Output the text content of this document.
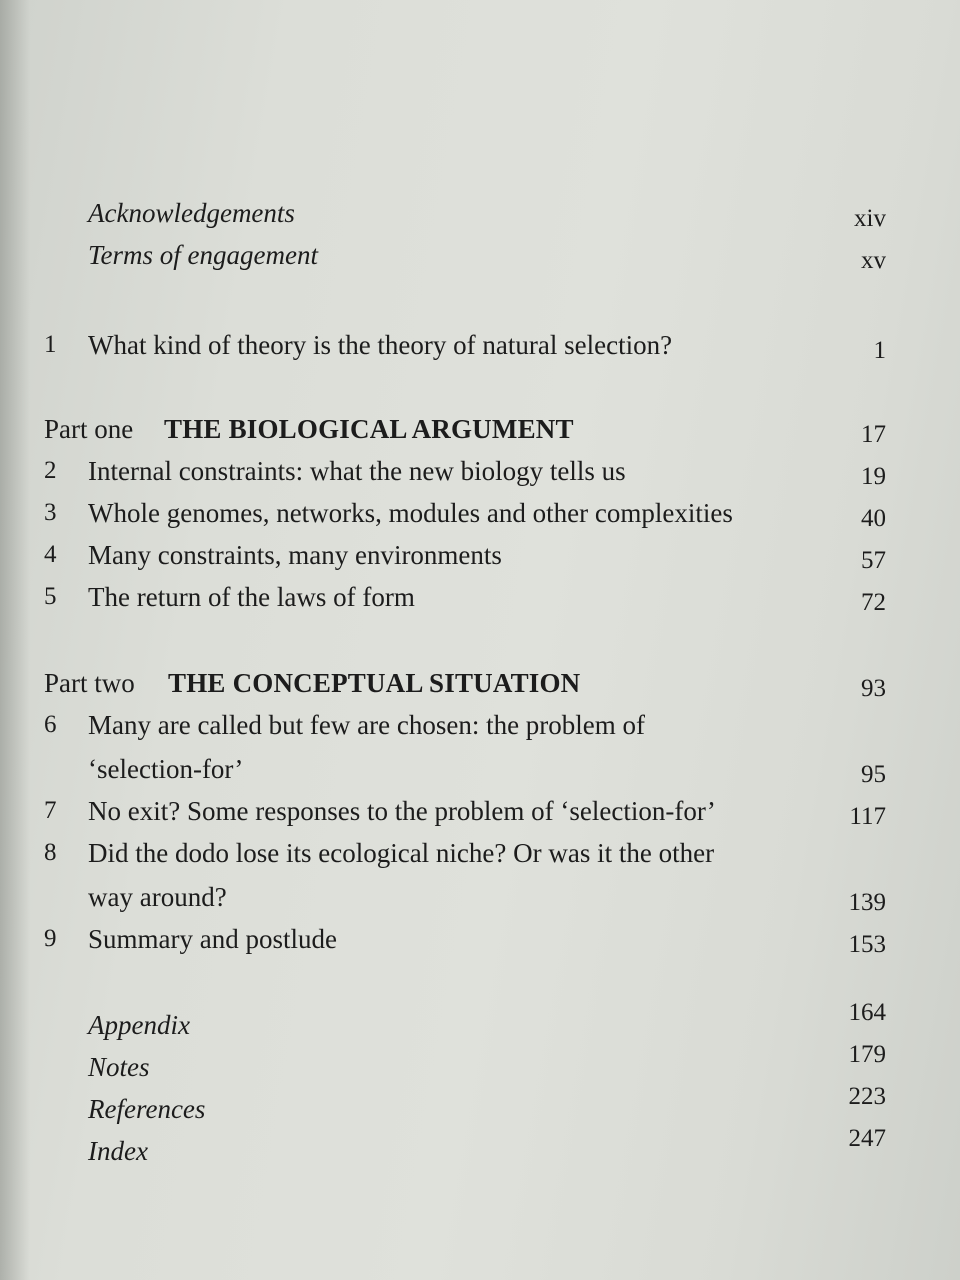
Acknowledgements	xiv
Terms of engagement	xv
1	What kind of theory is the theory of natural selection?	1
Part one THE BIOLOGICAL ARGUMENT	17
2	Internal constraints: what the new biology tells us	19
3	Whole genomes, networks, modules and other complexities	40
4	Many constraints, many environments	57
5	The return of the laws of form	72
Part two THE CONCEPTUAL SITUATION	93
6	Many are called but few are chosen: the problem of
‘selection-for’	95
7	No exit? Some responses to the problem of ‘selection-for’	117
8	Did the dodo lose its ecological niche? Or was it the other
way around?	139
9	Summary and postlude	153
Appendix	164
Notes	179
References	223
Index	247
